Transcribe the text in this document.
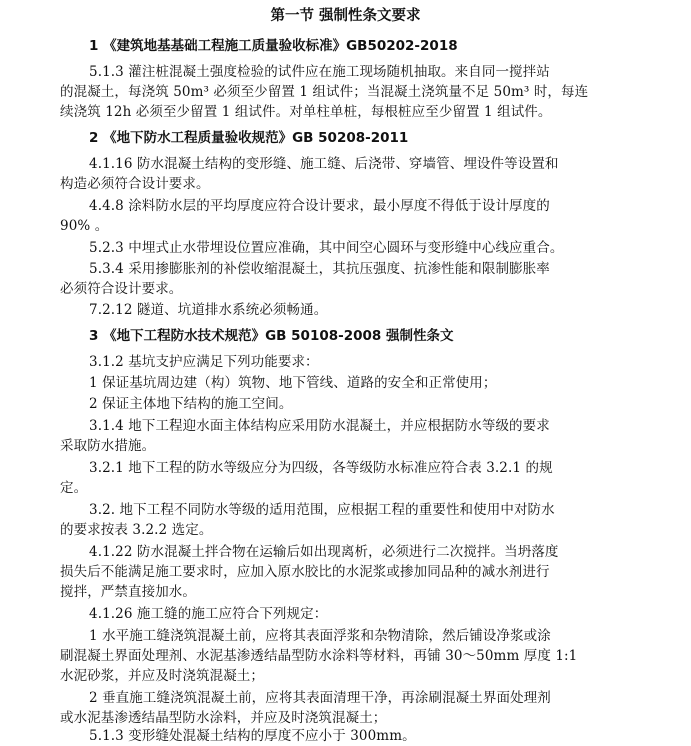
第一节 强制性条文要求
1 《建筑地基基础工程施工质量验收标准》GB50202-2018
5.1.3 灌注桩混凝土强度检验的试件应在施工现场随机抽取。来自同一搅拌站
的混凝土，每浇筑 50m³ 必须至少留置 1 组试件；当混凝土浇筑量不足 50m³ 时，每连
续浇筑 12h 必须至少留置 1 组试件。对单柱单桩，每根桩应至少留置 1 组试件。
2 《地下防水工程质量验收规范》GB 50208-2011
4.1.16 防水混凝土结构的变形缝、施工缝、后浇带、穿墙管、埋设件等设置和
构造必须符合设计要求。
4.4.8 涂料防水层的平均厚度应符合设计要求，最小厚度不得低于设计厚度的
90% 。
5.2.3 中埋式止水带埋设位置应准确，其中间空心圆环与变形缝中心线应重合。
5.3.4 采用掺膨胀剂的补偿收缩混凝土，其抗压强度、抗渗性能和限制膨胀率
必须符合设计要求。
7.2.12 隧道、坑道排水系统必须畅通。
3 《地下工程防水技术规范》GB 50108-2008 强制性条文
3.1.2 基坑支护应满足下列功能要求：
1 保证基坑周边建（构）筑物、地下管线、道路的安全和正常使用；
2 保证主体地下结构的施工空间。
3.1.4 地下工程迎水面主体结构应采用防水混凝土，并应根据防水等级的要求
采取防水措施。
3.2.1 地下工程的防水等级应分为四级，各等级防水标准应符合表 3.2.1 的规
定。
3.2. 地下工程不同防水等级的适用范围，应根据工程的重要性和使用中对防水
的要求按表 3.2.2 选定。
4.1.22 防水混凝土拌合物在运输后如出现离析，必须进行二次搅拌。当坍落度
损失后不能满足施工要求时，应加入原水胶比的水泥浆或掺加同品种的减水剂进行
搅拌，严禁直接加水。
4.1.26 施工缝的施工应符合下列规定：
1 水平施工缝浇筑混凝土前，应将其表面浮浆和杂物清除，然后铺设净浆或涂
刷混凝土界面处理剂、水泥基渗透结晶型防水涂料等材料，再铺 30～50mm 厚度 1:1
水泥砂浆，并应及时浇筑混凝土；
2 垂直施工缝浇筑混凝土前，应将其表面清理干净，再涂刷混凝土界面处理剂
或水泥基渗透结晶型防水涂料，并应及时浇筑混凝土；
5.1.3 变形缝处混凝土结构的厚度不应小于 300mm。
